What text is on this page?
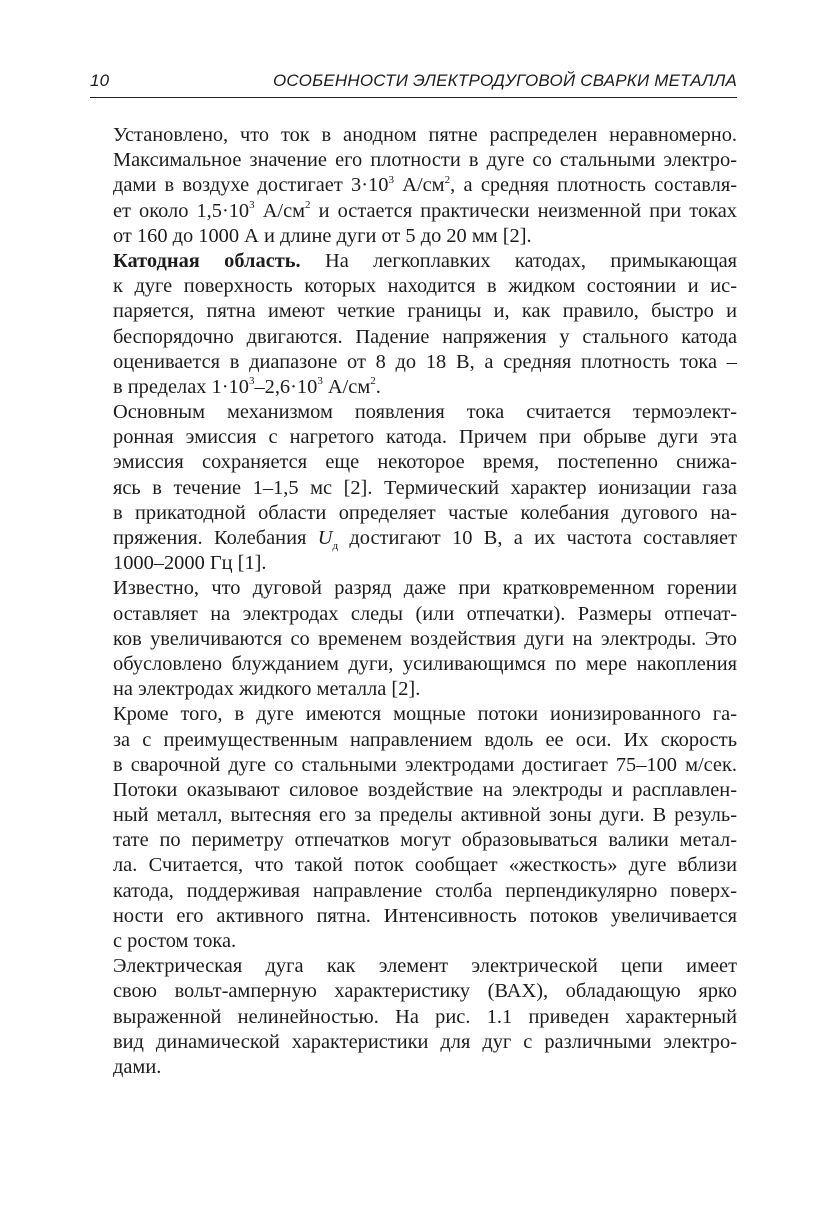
10	ОСОБЕННОСТИ ЭЛЕКТРОДУГОВОЙ СВАРКИ МЕТАЛЛА

Установлено, что ток в анодном пятне распределен неравномерно.
Максимальное значение его плотности в дуге со стальными электро-
дами в воздухе достигает $3\cdot 10^3$ $А/см^2$, а средняя плотность составля-
ет около $1,5\cdot 10^3$ $А/см^2$ и остается практически неизменной при токах
от 160 до 1000 А и длине дуги от 5 до 20 мм [2].

Катодная область. На легкоплавких катодах, примыкающая
к дуге поверхность которых находится в жидком состоянии и ис-
паряется, пятна имеют четкие границы и, как правило, быстро и
беспорядочно двигаются. Падение напряжения у стального катода
оценивается в диапазоне от 8 до 18 В, а средняя плотность тока –
в пределах $1\cdot 10^3-2,6\cdot 10^3$ $А/см^2$.

Основным механизмом появления тока считается термоэлект-
ронная эмиссия с нагретого катода. Причем при обрыве дуги эта
эмиссия сохраняется еще некоторое время, постепенно снижа-
ясь в течение 1–1,5 мс [2]. Термический характер ионизации газа
в прикатодной области определяет частые колебания дугового на-
пряжения. Колебания $U_д$ достигают 10 В, а их частота составляет
1000–2000 Гц [1].

Известно, что дуговой разряд даже при кратковременном горении
оставляет на электродах следы (или отпечатки). Размеры отпечат-
ков увеличиваются со временем воздействия дуги на электроды. Это
обусловлено блужданием дуги, усиливающимся по мере накопления
на электродах жидкого металла [2].

Кроме того, в дуге имеются мощные потоки ионизированного га-
за с преимущественным направлением вдоль ее оси. Их скорость
в сварочной дуге со стальными электродами достигает 75–100 м/сек.
Потоки оказывают силовое воздействие на электроды и расплавлен-
ный металл, вытесняя его за пределы активной зоны дуги. В резуль-
тате по периметру отпечатков могут образовываться валики метал-
ла. Считается, что такой поток сообщает «жесткость» дуге вблизи
катода, поддерживая направление столба перпендикулярно поверх-
ности его активного пятна. Интенсивность потоков увеличивается
с ростом тока.

Электрическая дуга как элемент электрической цепи имеет
свою вольт-амперную характеристику (ВАХ), обладающую ярко
выраженной нелинейностью. На рис. 1.1 приведен характерный
вид динамической характеристики для дуг с различными электро-
дами.
